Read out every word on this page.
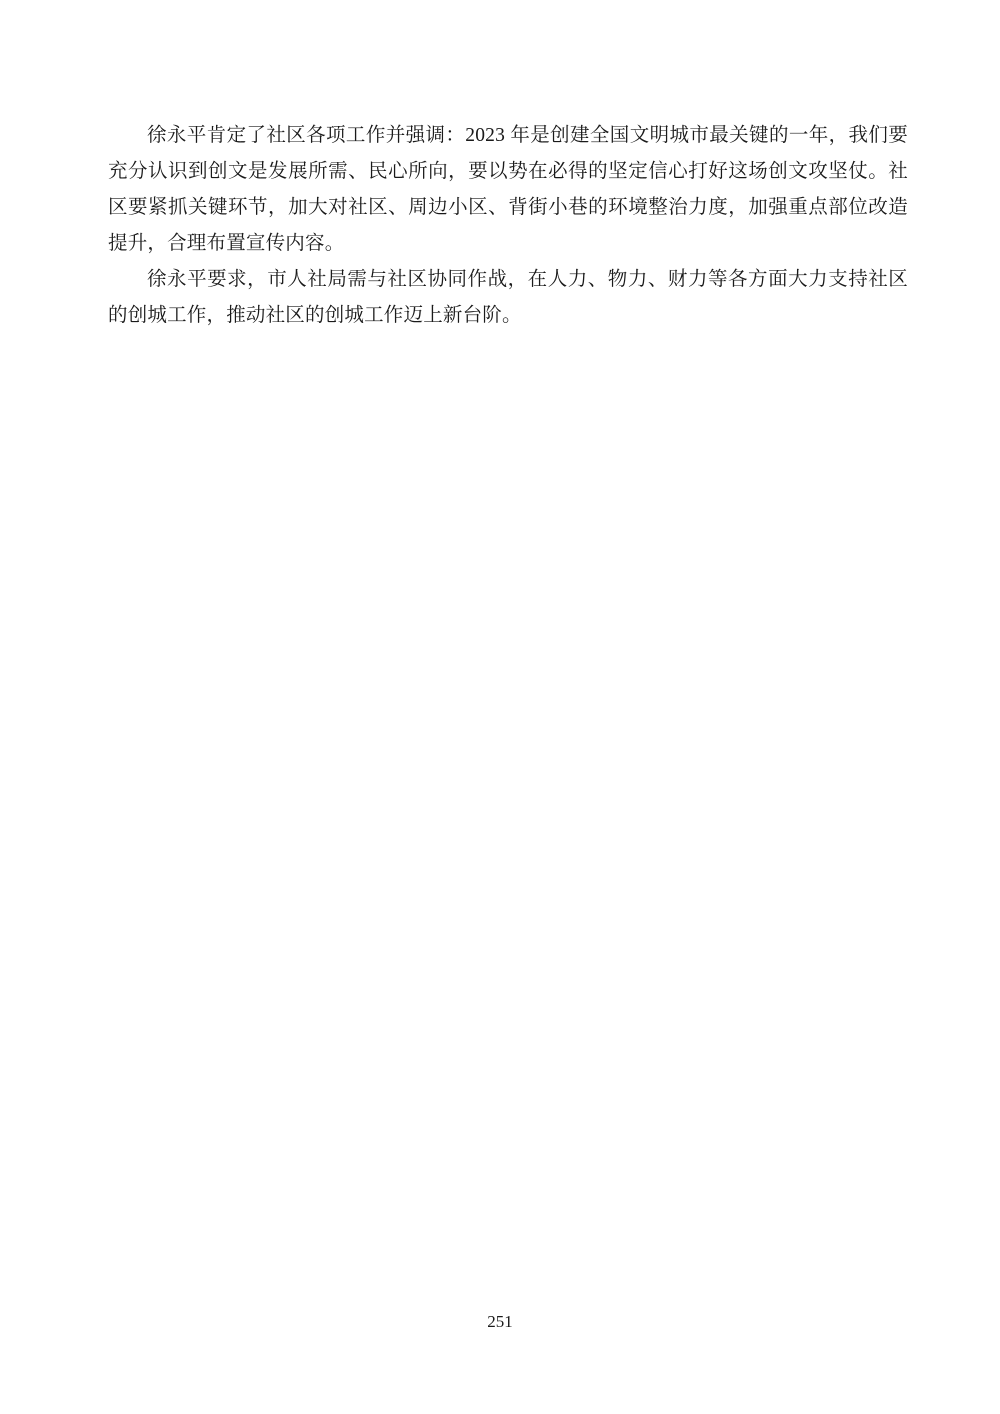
徐永平肯定了社区各项工作并强调：2023 年是创建全国文明城市最关键的一年，我们要充分认识到创文是发展所需、民心所向，要以势在必得的坚定信心打好这场创文攻坚仗。社区要紧抓关键环节，加大对社区、周边小区、背街小巷的环境整治力度，加强重点部位改造提升，合理布置宣传内容。

徐永平要求，市人社局需与社区协同作战，在人力、物力、财力等各方面大力支持社区的创城工作，推动社区的创城工作迈上新台阶。

251
